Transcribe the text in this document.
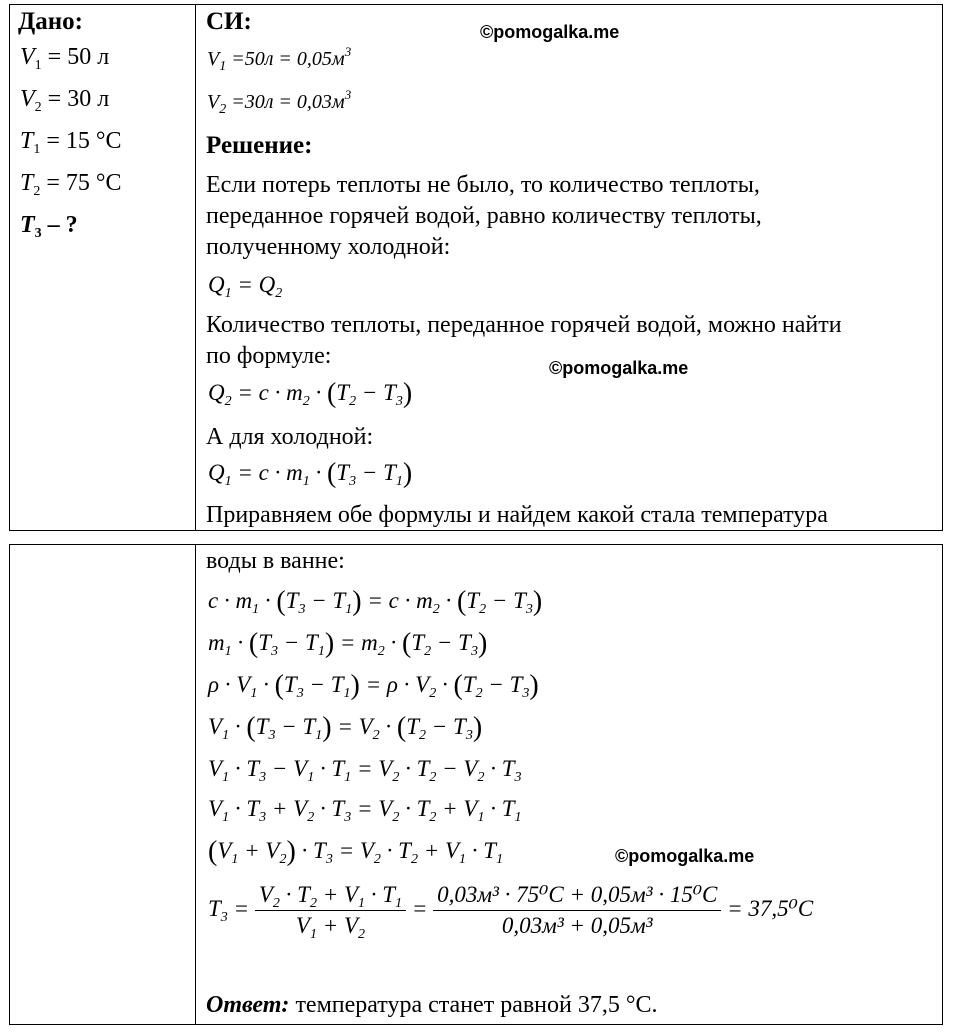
Дано:
$V_1 = 50$ л
$V_2 = 30$ л
$T_1 = 15$ °С
$T_2 = 75$ °С
$T_3$ – ?
СИ:	©pomogalka.me
$V_1 =50л = 0,05м^3$
$V_2 =30л = 0,03м^3$
Решение:
Если потерь теплоты не было, то количество теплоты,
переданное горячей водой, равно количеству теплоты,
полученному холодной:
$Q_1 = Q_2$
Количество теплоты, переданное горячей водой, можно найти
по формуле:	©pomogalka.me
$Q_2 = c \cdot m_2 \cdot (T_2 - T_3)$
А для холодной:
$Q_1 = c \cdot m_1 \cdot (T_3 - T_1)$
Приравняем обе формулы и найдем какой стала температура
воды в ванне:
$c \cdot m_1 \cdot (T_3 - T_1) = c \cdot m_2 \cdot (T_2 - T_3)$
$m_1 \cdot (T_3 - T_1) = m_2 \cdot (T_2 - T_3)$
$\rho \cdot V_1 \cdot (T_3 - T_1) = \rho \cdot V_2 \cdot (T_2 - T_3)$
$V_1 \cdot (T_3 - T_1) = V_2 \cdot (T_2 - T_3)$
$V_1 \cdot T_3 - V_1 \cdot T_1 = V_2 \cdot T_2 - V_2 \cdot T_3$
$V_1 \cdot T_3 + V_2 \cdot T_3 = V_2 \cdot T_2 + V_1 \cdot T_1$
$(V_1 + V_2) \cdot T_3 = V_2 \cdot T_2 + V_1 \cdot T_1$	©pomogalka.me
$T_3 = \frac{V_2 \cdot T_2 + V_1 \cdot T_1}{V_1 + V_2} = \frac{\text{0,03м³ · 75⁰С + 0,05м³ · 15⁰С}}{\text{0,03м³ + 0,05м³}} = 37,5^0С$
Ответ: температура станет равной 37,5 °С.
